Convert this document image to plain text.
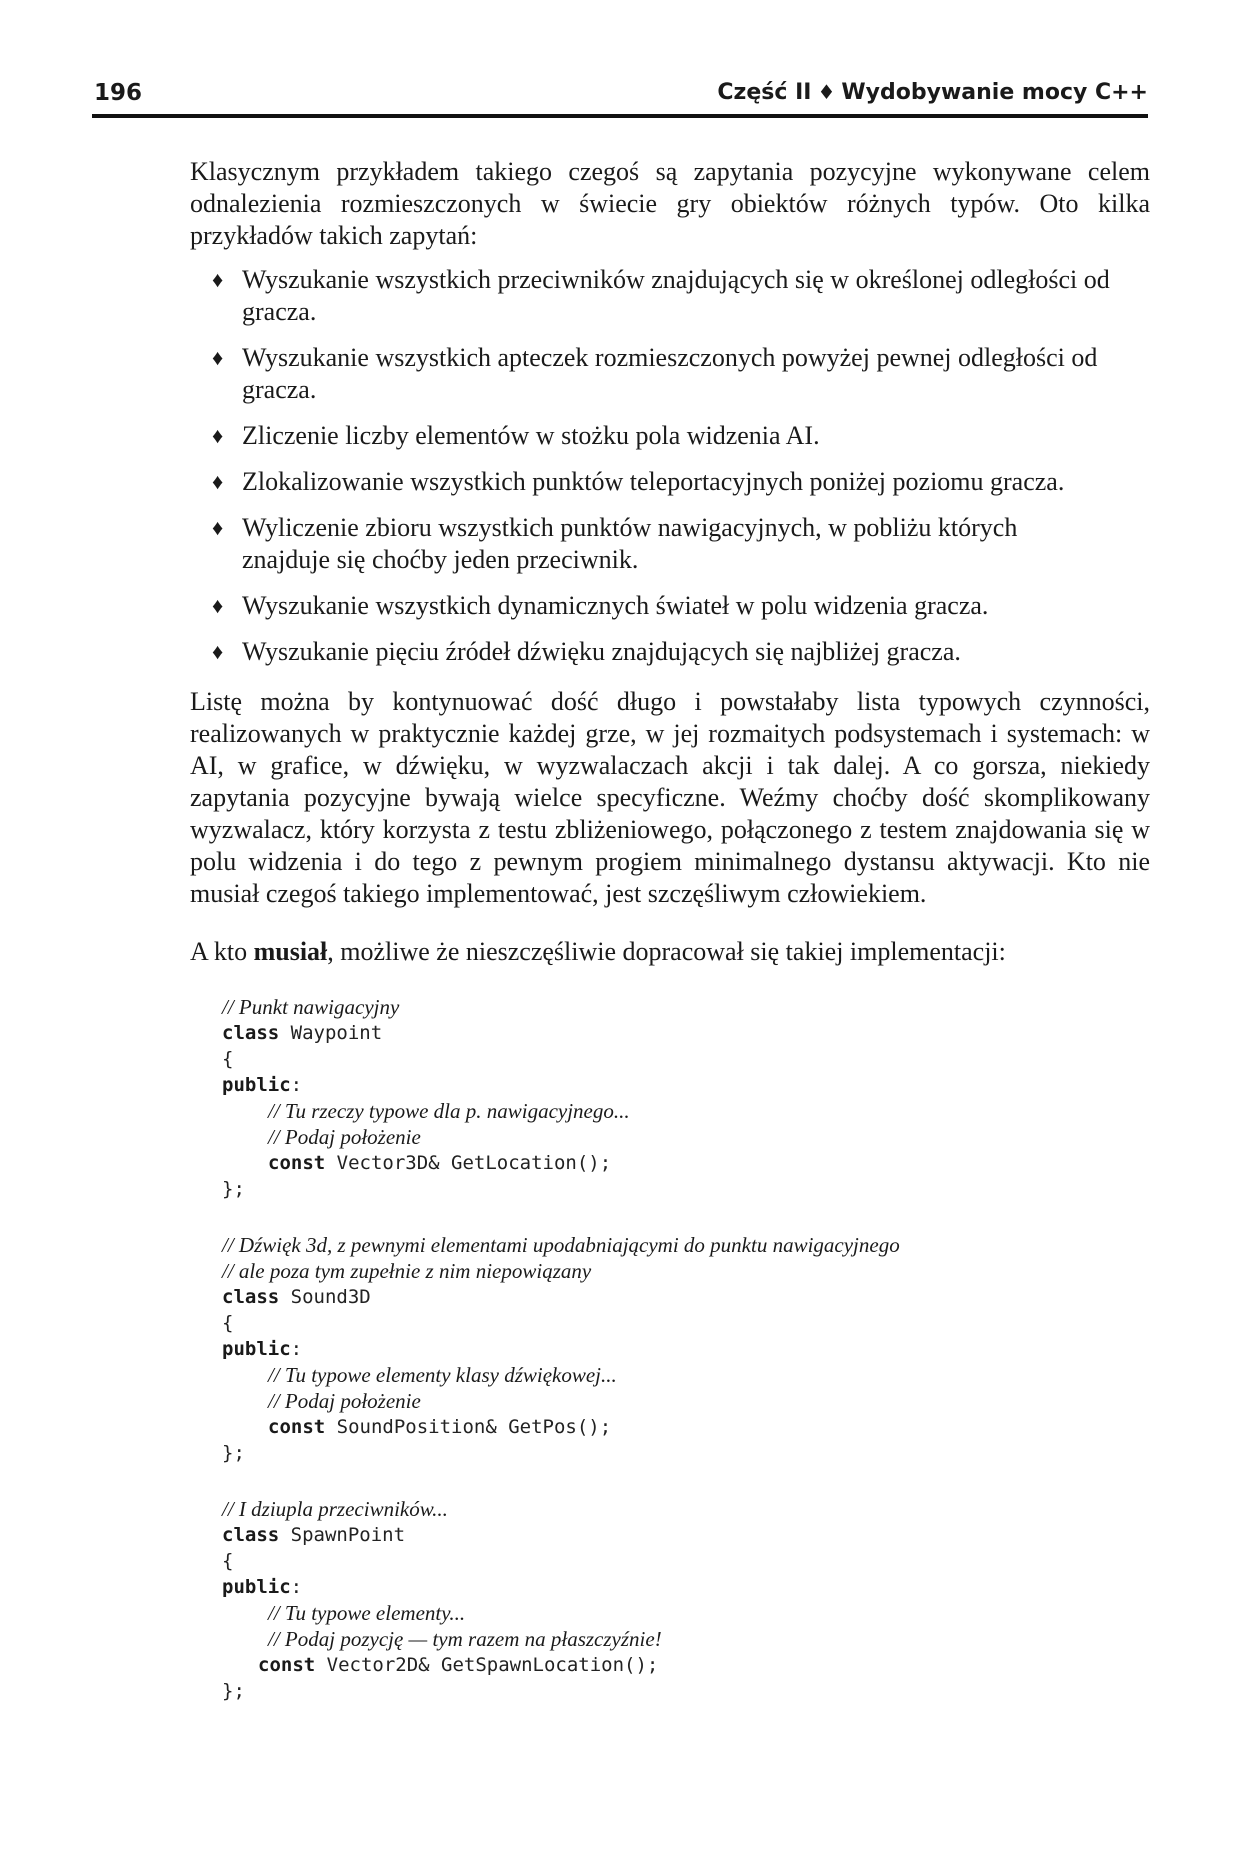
196	Część II ♦ Wydobywanie mocy C++

Klasycznym przykładem takiego czegoś są zapytania pozycyjne wykonywane celem odnalezienia rozmieszczonych w świecie gry obiektów różnych typów. Oto kilka przykładów takich zapytań:

♦ Wyszukanie wszystkich przeciwników znajdujących się w określonej odległości od gracza.
♦ Wyszukanie wszystkich apteczek rozmieszczonych powyżej pewnej odległości od gracza.
♦ Zliczenie liczby elementów w stożku pola widzenia AI.
♦ Zlokalizowanie wszystkich punktów teleportacyjnych poniżej poziomu gracza.
♦ Wyliczenie zbioru wszystkich punktów nawigacyjnych, w pobliżu których znajduje się choćby jeden przeciwnik.
♦ Wyszukanie wszystkich dynamicznych świateł w polu widzenia gracza.
♦ Wyszukanie pięciu źródeł dźwięku znajdujących się najbliżej gracza.

Listę można by kontynuować dość długo i powstałaby lista typowych czynności, realizowanych w praktycznie każdej grze, w jej rozmaitych podsystemach i systemach: w AI, w grafice, w dźwięku, w wyzwalaczach akcji i tak dalej. A co gorsza, niekiedy zapytania pozycyjne bywają wielce specyficzne. Weźmy choćby dość skomplikowany wyzwalacz, który korzysta z testu zbliżeniowego, połączonego z testem znajdowania się w polu widzenia i do tego z pewnym progiem minimalnego dystansu aktywacji. Kto nie musiał czegoś takiego implementować, jest szczęśliwym człowiekiem.

A kto musiał, możliwe że nieszczęśliwie dopracował się takiej implementacji:

// Punkt nawigacyjny
class Waypoint
{
public:
// Tu rzeczy typowe dla p. nawigacyjnego...
// Podaj położenie
const Vector3D& GetLocation();
};
// Dźwięk 3d, z pewnymi elementami upodabniającymi do punktu nawigacyjnego
// ale poza tym zupełnie z nim niepowiązany
class Sound3D
{
public:
// Tu typowe elementy klasy dźwiękowej...
// Podaj położenie
const SoundPosition& GetPos();
};
// I dziupla przeciwników...
class SpawnPoint
{
public:
// Tu typowe elementy...
// Podaj pozycję — tym razem na płaszczyźnie!
const Vector2D& GetSpawnLocation();
};
